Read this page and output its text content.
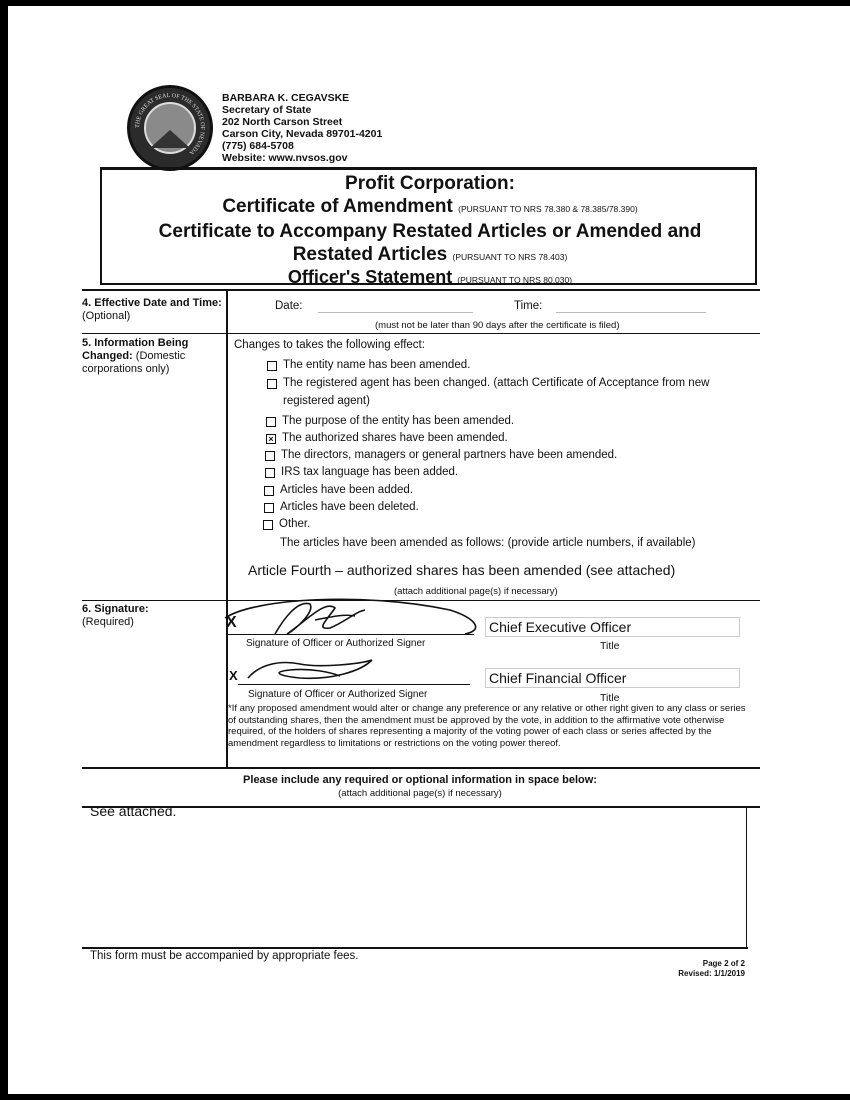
THE GREAT SEAL OF THE STATE OF NEVADA
BARBARA K. CEGAVSKE
Secretary of State
202 North Carson Street
Carson City, Nevada 89701-4201
(775) 684-5708
Website: www.nvsos.gov
Profit Corporation:
Certificate of Amendment (PURSUANT TO NRS 78.380 & 78.385/78.390)
Certificate to Accompany Restated Articles or Amended and
Restated Articles (PURSUANT TO NRS 78.403)
Officer's Statement (PURSUANT TO NRS 80.030)
4. Effective Date and Time: (Optional)
Date:	Time:
(must not be later than 90 days after the certificate is filed)
5. Information Being Changed: (Domestic corporations only)
Changes to takes the following effect:
The entity name has been amended.
The registered agent has been changed. (attach Certificate of Acceptance from new
registered agent)
The purpose of the entity has been amended.
× The authorized shares have been amended.
The directors, managers or general partners have been amended.
IRS tax language has been added.
Articles have been added.
Articles have been deleted.
Other.
The articles have been amended as follows: (provide article numbers, if available)
Article Fourth – authorized shares has been amended (see attached)
(attach additional page(s) if necessary)
6. Signature:
(Required)	X
Signature of Officer or Authorized Signer
Chief Executive Officer
Title
X
Signature of Officer or Authorized Signer
Chief Financial Officer
Title
*If any proposed amendment would alter or change any preference or any relative or other right given to any class or series of outstanding shares, then the amendment must be approved by the vote, in addition to the affirmative vote otherwise required, of the holders of shares representing a majority of the voting power of each class or series affected by the amendment regardless to limitations or restrictions on the voting power thereof.
Please include any required or optional information in space below:
(attach additional page(s) if necessary)
See attached.
This form must be accompanied by appropriate fees.
Page 2 of 2
Revised: 1/1/2019
